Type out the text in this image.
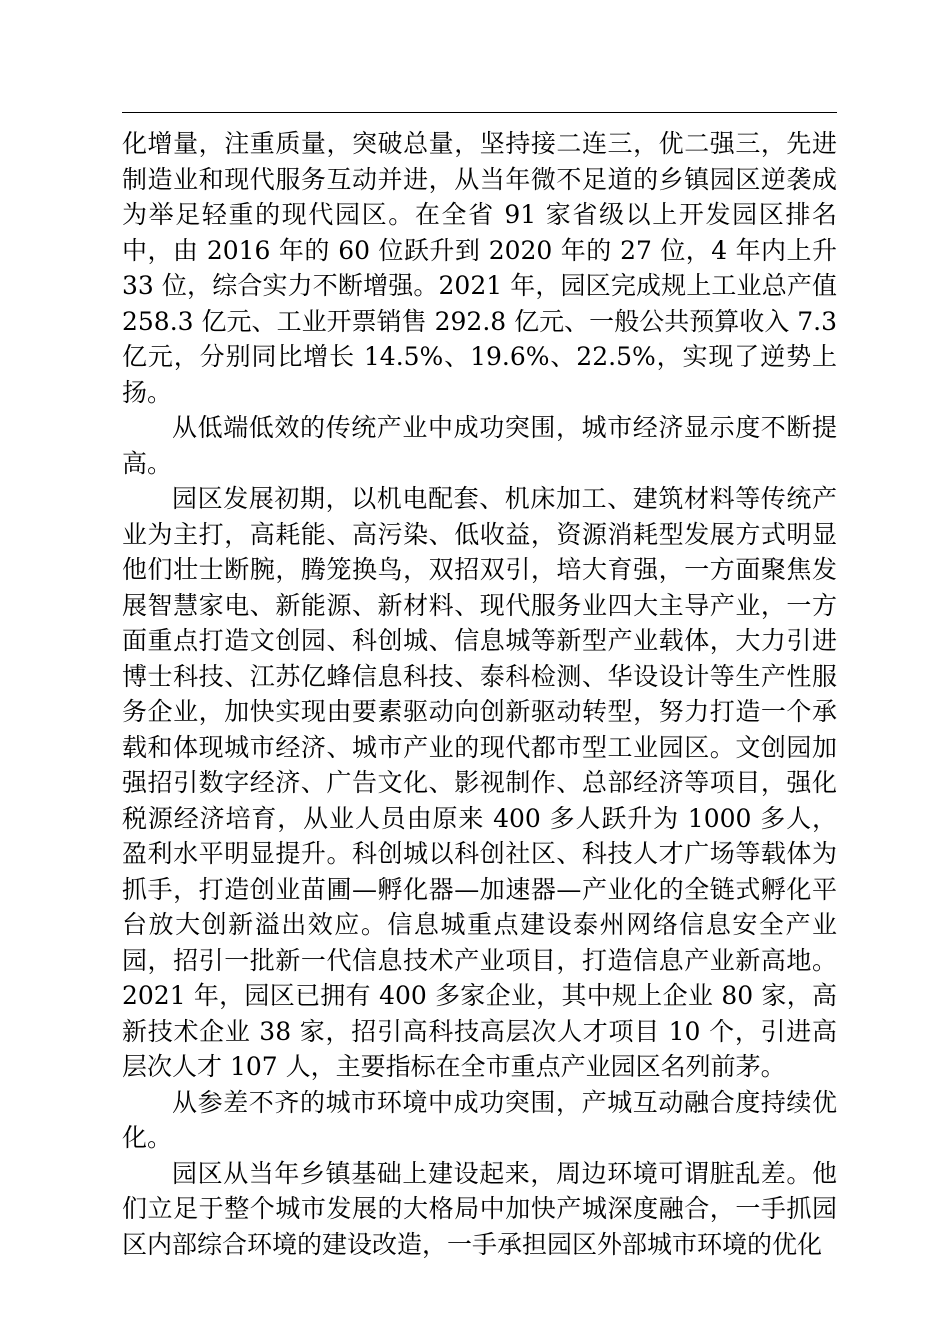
化增量，注重质量，突破总量，坚持接二连三，优二强三，先进制造业和现代服务互动并进，从当年微不足道的乡镇园区逆袭成为举足轻重的现代园区。在全省 91 家省级以上开发园区排名中，由 2016 年的 60 位跃升到 2020 年的 27 位，4 年内上升 33 位，综合实力不断增强。2021 年，园区完成规上工业总产值 258.3 亿元、工业开票销售 292.8 亿元、一般公共预算收入 7.3 亿元，分别同比增长 14.5%、19.6%、22.5%，实现了逆势上扬。

从低端低效的传统产业中成功突围，城市经济显示度不断提高。

园区发展初期，以机电配套、机床加工、建筑材料等传统产业为主打，高耗能、高污染、低收益，资源消耗型发展方式明显他们壮士断腕，腾笼换鸟，双招双引，培大育强，一方面聚焦发展智慧家电、新能源、新材料、现代服务业四大主导产业，一方面重点打造文创园、科创城、信息城等新型产业载体，大力引进博士科技、江苏亿蜂信息科技、泰科检测、华设设计等生产性服务企业，加快实现由要素驱动向创新驱动转型，努力打造一个承载和体现城市经济、城市产业的现代都市型工业园区。文创园加强招引数字经济、广告文化、影视制作、总部经济等项目，强化税源经济培育，从业人员由原来 400 多人跃升为 1000 多人，盈利水平明显提升。科创城以科创社区、科技人才广场等载体为抓手，打造创业苗圃—孵化器—加速器—产业化的全链式孵化平台放大创新溢出效应。信息城重点建设泰州网络信息安全产业园，招引一批新一代信息技术产业项目，打造信息产业新高地。2021 年，园区已拥有 400 多家企业，其中规上企业 80 家，高新技术企业 38 家，招引高科技高层次人才项目 10 个，引进高层次人才 107 人，主要指标在全市重点产业园区名列前茅。

从参差不齐的城市环境中成功突围，产城互动融合度持续优化。

园区从当年乡镇基础上建设起来，周边环境可谓脏乱差。他们立足于整个城市发展的大格局中加快产城深度融合，一手抓园区内部综合环境的建设改造，一手承担园区外部城市环境的优化
